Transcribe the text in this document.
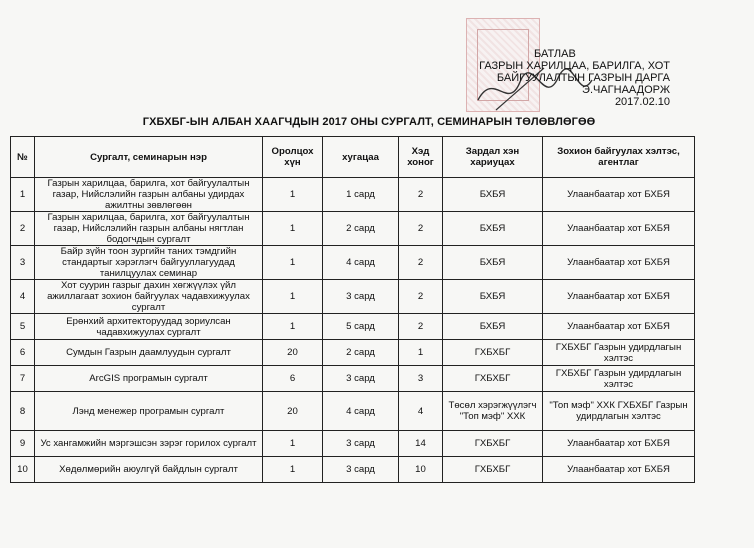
БАТЛАВ
ГАЗРЫН ХАРИЛЦАА, БАРИЛГА, ХОТ
БАЙГУУЛАЛТЫН ГАЗРЫН ДАРГА
Э.ЧАГНААДОРЖ
2017.02.10
ГХБХБГ-ЫН АЛБАН ХААГЧДЫН 2017 ОНЫ СУРГАЛТ, СЕМИНАРЫН ТӨЛӨВЛӨГӨӨ
№	Сургалт, семинарын нэр	Оролцох хүн	хугацаа	Хэд хоног	Зардал хэн хариуцах	Зохион байгуулах хэлтэс, агентлаг
1	Газрын харилцаа, барилга, хот байгуулалтын газар, Нийслэлийн газрын албаны удирдах ажилтны зөвлөгөөн	1	1 сард	2	БХБЯ	Улаанбаатар хот БХБЯ
2	Газрын харилцаа, барилга, хот байгуулалтын газар, Нийслэлийн газрын албаны нягтлан бодогчдын сургалт	1	2 сард	2	БХБЯ	Улаанбаатар хот БХБЯ
3	Байр зүйн тоон зургийн таних тэмдгийн стандартыг хэрэглэгч байгууллагуудад танилцуулах семинар	1	4 сард	2	БХБЯ	Улаанбаатар хот БХБЯ
4	Хот суурин газрыг дахин хөгжүүлэх үйл ажиллагаат зохион байгуулах чадавхижуулах сургалт	1	3 сард	2	БХБЯ	Улаанбаатар хот БХБЯ
5	Ерөнхий архитекторуудад зориулсан чадавхижуулах сургалт	1	5 сард	2	БХБЯ	Улаанбаатар хот БХБЯ
6	Сумдын Газрын даамлуудын сургалт	20	2 сард	1	ГХБХБГ	ГХБХБГ Газрын удирдлагын хэлтэс
7	ArcGIS програмын сургалт	6	3 сард	3	ГХБХБГ	ГХБХБГ Газрын удирдлагын хэлтэс
8	Лэнд менежер програмын сургалт	20	4 сард	4	Төсөл хэрэгжүүлэгч "Топ мэф" ХХК	"Топ мэф" ХХК ГХБХБГ Газрын удирдлагын хэлтэс
9	Ус хангамжийн мэргэшсэн зэрэг горилох сургалт	1	3 сард	14	ГХБХБГ	Улаанбаатар хот БХБЯ
10	Хөдөлмөрийн аюулгүй байдлын сургалт	1	3 сард	10	ГХБХБГ	Улаанбаатар хот БХБЯ
